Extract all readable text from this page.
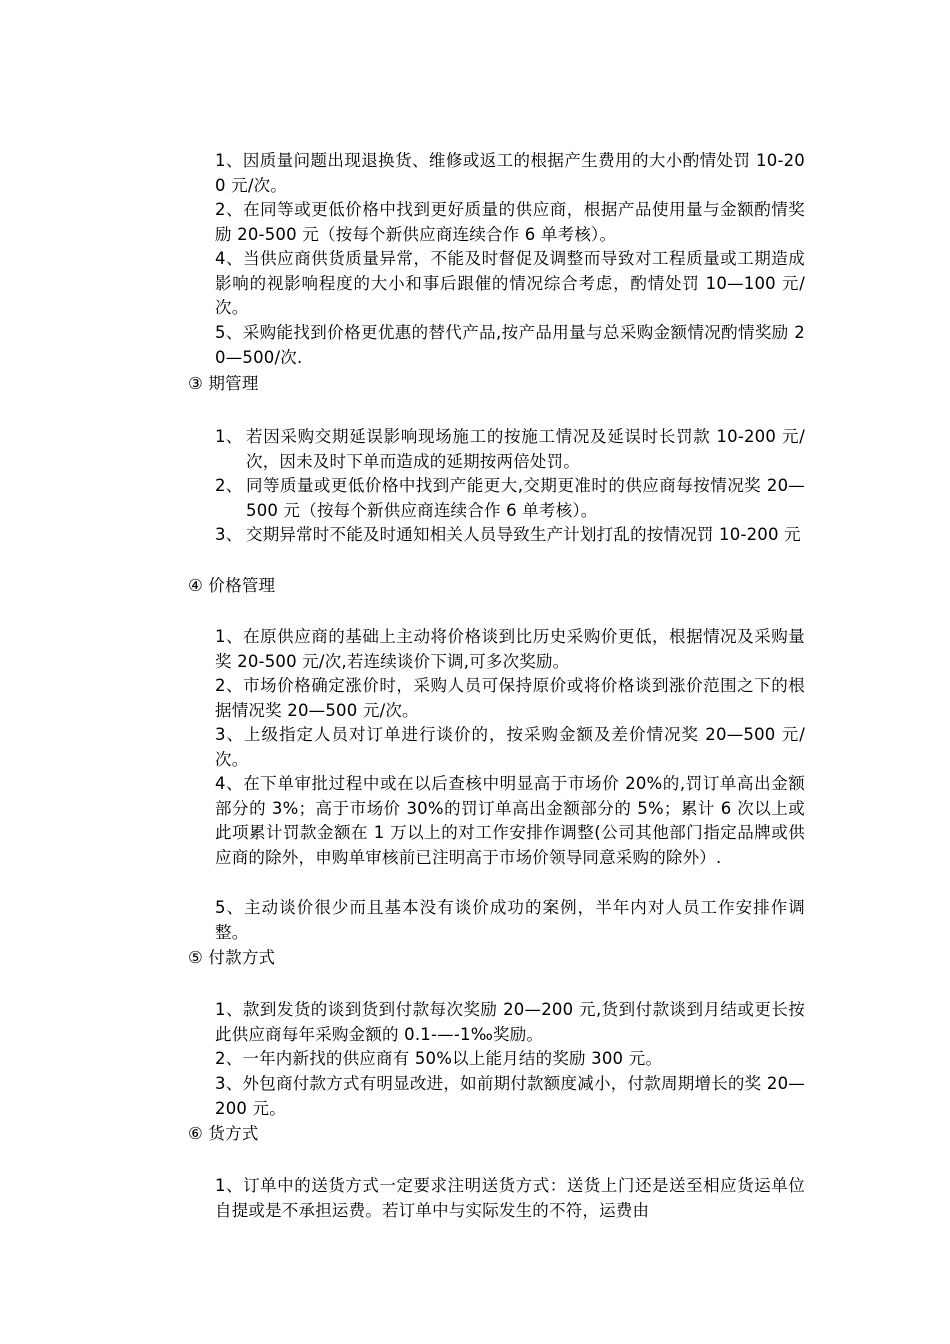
1、因质量问题出现退换货、维修或返工的根据产生费用的大小酌情处罚 10-200 元/次。
2、在同等或更低价格中找到更好质量的供应商，根据产品使用量与金额酌情奖励 20-500 元（按每个新供应商连续合作 6 单考核）。
4、当供应商供货质量异常，不能及时督促及调整而导致对工程质量或工期造成影响的视影响程度的大小和事后跟催的情况综合考虑，酌情处罚 10—100 元/次。
5、采购能找到价格更优惠的替代产品,按产品用量与总采购金额情况酌情奖励 20—500/次.
③ 期管理
1、 若因采购交期延误影响现场施工的按施工情况及延误时长罚款 10-200 元/次，因未及时下单而造成的延期按两倍处罚。
2、 同等质量或更低价格中找到产能更大,交期更准时的供应商每按情况奖 20—500 元（按每个新供应商连续合作 6 单考核）。
3、 交期异常时不能及时通知相关人员导致生产计划打乱的按情况罚 10-200 元
④ 价格管理
1、在原供应商的基础上主动将价格谈到比历史采购价更低，根据情况及采购量奖 20-500 元/次,若连续谈价下调,可多次奖励。
2、市场价格确定涨价时，采购人员可保持原价或将价格谈到涨价范围之下的根据情况奖 20—500 元/次。
3、上级指定人员对订单进行谈价的，按采购金额及差价情况奖 20—500 元/次。
4、在下单审批过程中或在以后查核中明显高于市场价 20%的,罚订单高出金额部分的 3%；高于市场价 30%的罚订单高出金额部分的 5%；累计 6 次以上或此项累计罚款金额在 1 万以上的对工作安排作调整(公司其他部门指定品牌或供应商的除外，申购单审核前已注明高于市场价领导同意采购的除外）.
5、主动谈价很少而且基本没有谈价成功的案例，半年内对人员工作安排作调整。
⑤ 付款方式
1、款到发货的谈到货到付款每次奖励 20—200 元,货到付款谈到月结或更长按此供应商每年采购金额的 0.1-—-1‰奖励。
2、一年内新找的供应商有 50%以上能月结的奖励 300 元。
3、外包商付款方式有明显改进，如前期付款额度减小，付款周期增长的奖 20—200 元。
⑥ 货方式
1、订单中的送货方式一定要求注明送货方式：送货上门还是送至相应货运单位自提或是不承担运费。若订单中与实际发生的不符，运费由
